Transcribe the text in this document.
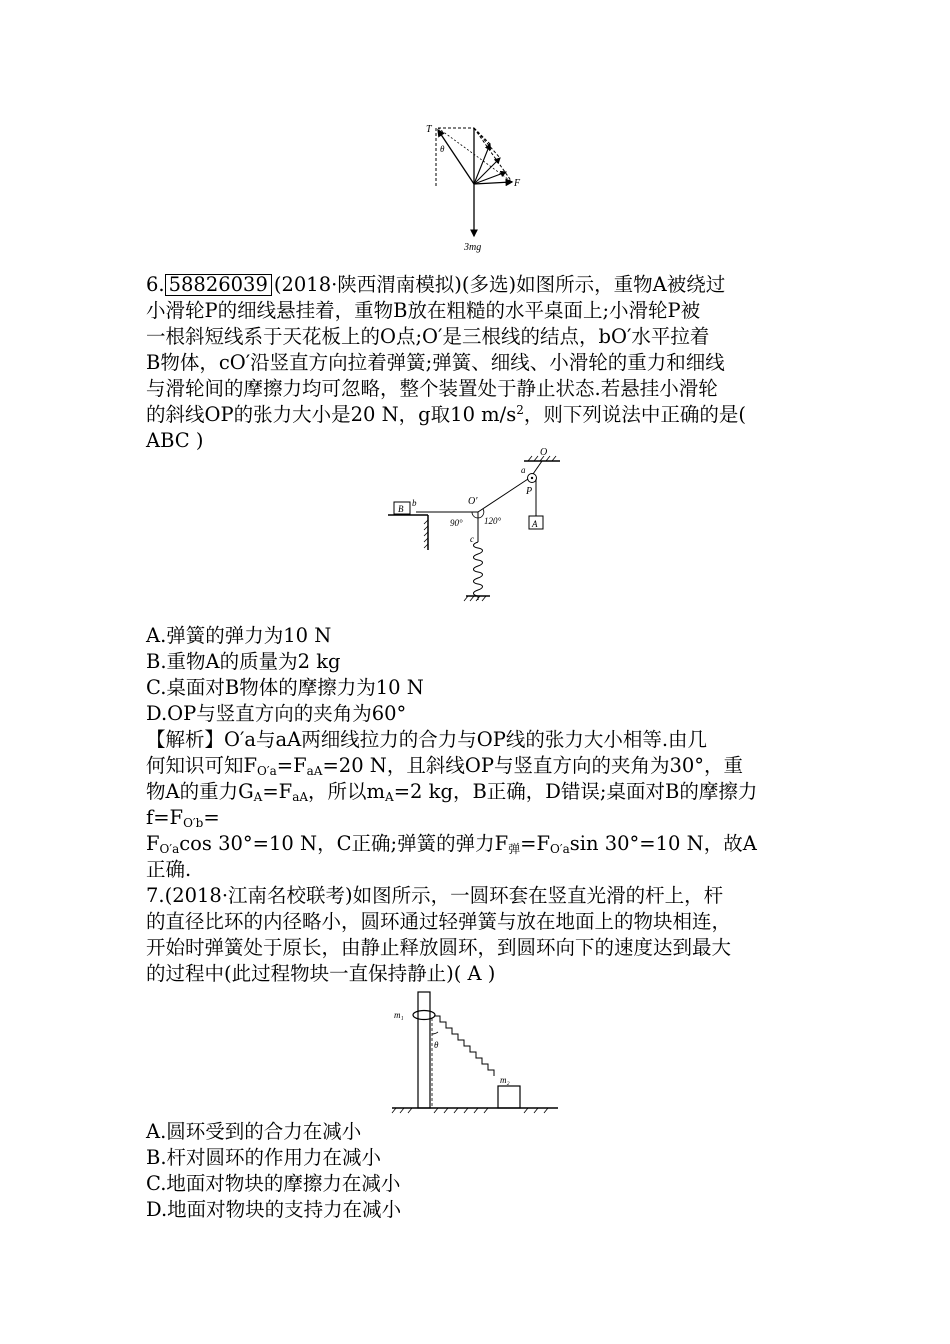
T
θ
F
3mg
6. 58826039 (2018·陕西渭南模拟)(多选)如图所示，重物A被绕过
小滑轮P的细线悬挂着，重物B放在粗糙的水平桌面上;小滑轮P被
一根斜短线系于天花板上的O点;O′是三根线的结点，bO′水平拉着
B物体，cO′沿竖直方向拉着弹簧;弹簧、细线、小滑轮的重力和细线
与滑轮间的摩擦力均可忽略，整个装置处于静止状态.若悬挂小滑轮
的斜线OP的张力大小是20 N，g取10 $m/s^2$，则下列说法中正确的是(
ABC )
O
a
P
A
O′
b
B
90° 120°
c
A.弹簧的弹力为10 N
B.重物A的质量为2 kg
C.桌面对B物体的摩擦力为10 N
D.OP与竖直方向的夹角为60°
【解析】O′a与aA两细线拉力的合力与OP线的张力大小相等.由几
何知识可知$F_{O'a}=F_{aA}=20$ N，且斜线OP与竖直方向的夹角为30°，重
物A的重力$G_A=F_{aA}$，所以$m_A=2$ kg，B正确，D错误;桌面对B的摩擦力
$f=F_{O'b}=$
$F_{O'a}\cos$ 30°=10 N，C正确;弹簧的弹力$F_弹=F_{O'a}\sin$ 30°=10 N，故A
正确.
7.(2018·江南名校联考)如图所示，一圆环套在竖直光滑的杆上，杆
的直径比环的内径略小，圆环通过轻弹簧与放在地面上的物块相连，
开始时弹簧处于原长，由静止释放圆环，到圆环向下的速度达到最大
的过程中(此过程物块一直保持静止)( A )
m₁
θ
m₂
A.圆环受到的合力在减小
B.杆对圆环的作用力在减小
C.地面对物块的摩擦力在减小
D.地面对物块的支持力在减小
